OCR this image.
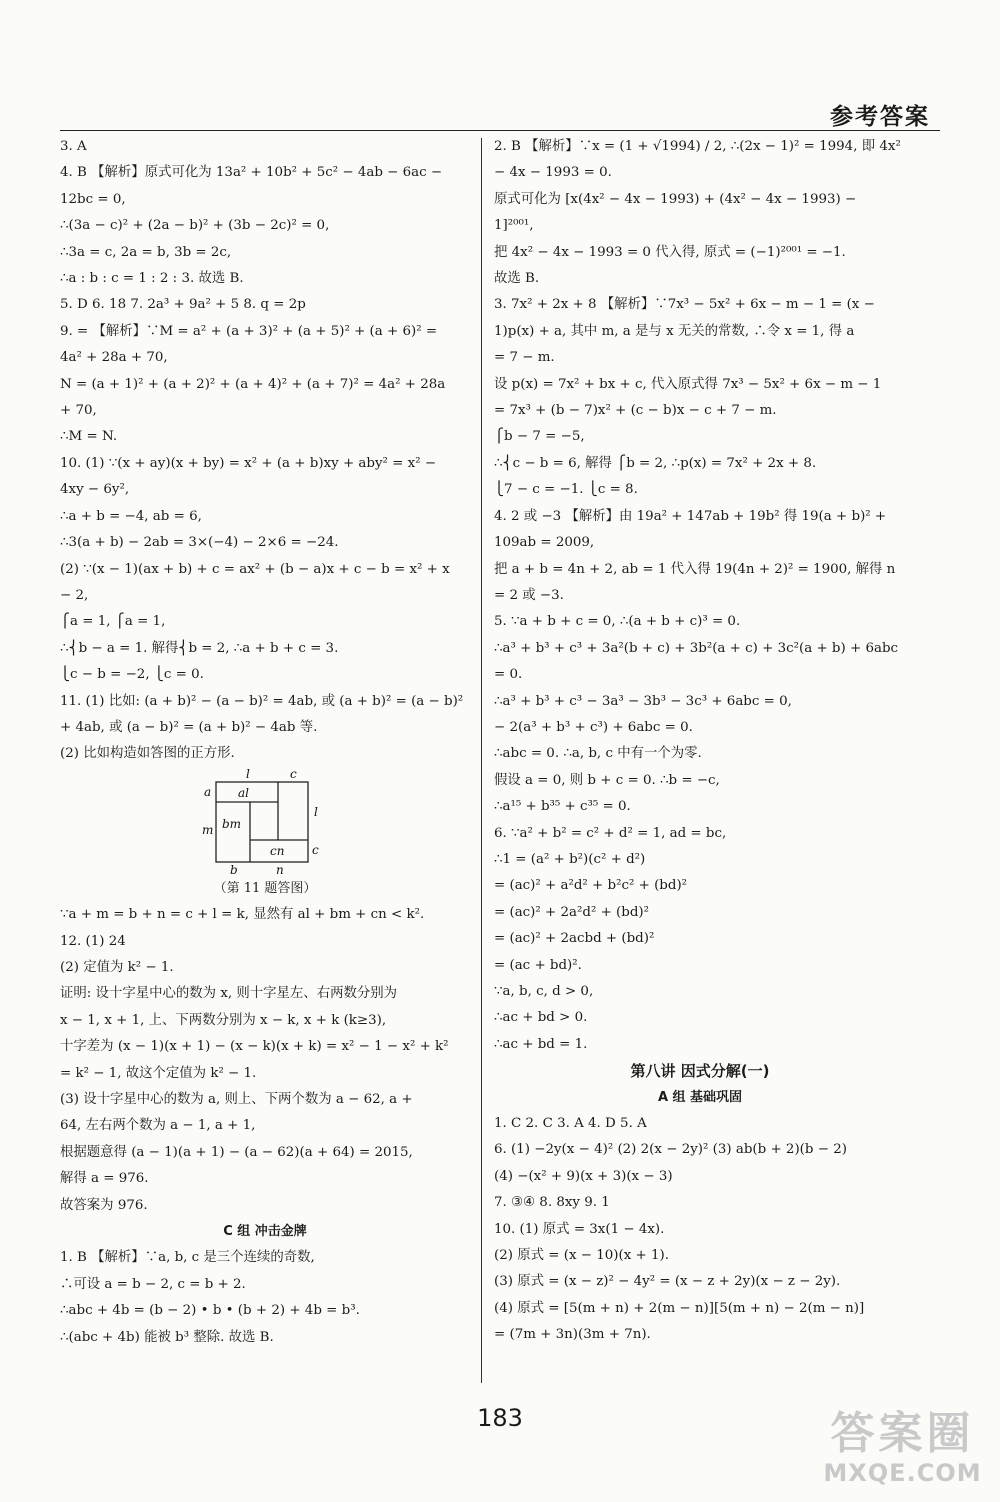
参考答案
3. A
4. B 【解析】原式可化为 13a² + 10b² + 5c² − 4ab − 6ac −
12bc = 0,
∴(3a − c)² + (2a − b)² + (3b − 2c)² = 0,
∴3a = c, 2a = b, 3b = 2c,
∴a : b : c = 1 : 2 : 3. 故选 B.
5. D 6. 18 7. 2a³ + 9a² + 5 8. q = 2p
9. = 【解析】∵M = a² + (a + 3)² + (a + 5)² + (a + 6)² =
4a² + 28a + 70,
N = (a + 1)² + (a + 2)² + (a + 4)² + (a + 7)² = 4a² + 28a
+ 70,
∴M = N.
10. (1) ∵(x + ay)(x + by) = x² + (a + b)xy + aby² = x² −
4xy − 6y²,
∴a + b = −4, ab = 6,
∴3(a + b) − 2ab = 3×(−4) − 2×6 = −24.
(2) ∵(x − 1)(ax + b) + c = ax² + (b − a)x + c − b = x² + x
− 2,
⎧a = 1, ⎧a = 1,
∴⎨b − a = 1. 解得⎨b = 2, ∴a + b + c = 3.
⎩c − b = −2, ⎩c = 0.
11. (1) 比如: (a + b)² − (a − b)² = 4ab, 或 (a + b)² = (a − b)²
+ 4ab, 或 (a − b)² = (a + b)² − 4ab 等.
(2) 比如构造如答图的正方形.
l	c
a
m
l
c
b	n
al
bm
cn
（第 11 题答图）
∵a + m = b + n = c + l = k, 显然有 al + bm + cn < k².
12. (1) 24
(2) 定值为 k² − 1.
证明: 设十字星中心的数为 x, 则十字星左、右两数分别为
x − 1, x + 1, 上、下两数分别为 x − k, x + k (k≥3),
十字差为 (x − 1)(x + 1) − (x − k)(x + k) = x² − 1 − x² + k²
= k² − 1, 故这个定值为 k² − 1.
(3) 设十字星中心的数为 a, 则上、下两个数为 a − 62, a +
64, 左右两个数为 a − 1, a + 1,
根据题意得 (a − 1)(a + 1) − (a − 62)(a + 64) = 2015,
解得 a = 976.
故答案为 976.
C 组 冲击金牌
1. B 【解析】∵a, b, c 是三个连续的奇数,
∴可设 a = b − 2, c = b + 2.
∴abc + 4b = (b − 2) • b • (b + 2) + 4b = b³.
∴(abc + 4b) 能被 b³ 整除. 故选 B.
2. B 【解析】∵x = (1 + √1994) / 2, ∴(2x − 1)² = 1994, 即 4x²
− 4x − 1993 = 0.
原式可化为 [x(4x² − 4x − 1993) + (4x² − 4x − 1993) −
1]²⁰⁰¹,
把 4x² − 4x − 1993 = 0 代入得, 原式 = (−1)²⁰⁰¹ = −1.
故选 B.
3. 7x² + 2x + 8 【解析】∵7x³ − 5x² + 6x − m − 1 = (x −
1)p(x) + a, 其中 m, a 是与 x 无关的常数, ∴令 x = 1, 得 a
= 7 − m.
设 p(x) = 7x² + bx + c, 代入原式得 7x³ − 5x² + 6x − m − 1
= 7x³ + (b − 7)x² + (c − b)x − c + 7 − m.
⎧b − 7 = −5,
∴⎨c − b = 6, 解得 ⎧b = 2, ∴p(x) = 7x² + 2x + 8.
⎩7 − c = −1. ⎩c = 8.
4. 2 或 −3 【解析】由 19a² + 147ab + 19b² 得 19(a + b)² +
109ab = 2009,
把 a + b = 4n + 2, ab = 1 代入得 19(4n + 2)² = 1900, 解得 n
= 2 或 −3.
5. ∵a + b + c = 0, ∴(a + b + c)³ = 0.
∴a³ + b³ + c³ + 3a²(b + c) + 3b²(a + c) + 3c²(a + b) + 6abc
= 0.
∴a³ + b³ + c³ − 3a³ − 3b³ − 3c³ + 6abc = 0,
− 2(a³ + b³ + c³) + 6abc = 0.
∴abc = 0. ∴a, b, c 中有一个为零.
假设 a = 0, 则 b + c = 0. ∴b = −c,
∴a¹⁵ + b³⁵ + c³⁵ = 0.
6. ∵a² + b² = c² + d² = 1, ad = bc,
∴1 = (a² + b²)(c² + d²)
= (ac)² + a²d² + b²c² + (bd)²
= (ac)² + 2a²d² + (bd)²
= (ac)² + 2acbd + (bd)²
= (ac + bd)².
∵a, b, c, d > 0,
∴ac + bd > 0.
∴ac + bd = 1.
第八讲 因式分解(一)
A 组 基础巩固
1. C 2. C 3. A 4. D 5. A
6. (1) −2y(x − 4)² (2) 2(x − 2y)² (3) ab(b + 2)(b − 2)
(4) −(x² + 9)(x + 3)(x − 3)
7. ③④ 8. 8xy 9. 1
10. (1) 原式 = 3x(1 − 4x).
(2) 原式 = (x − 10)(x + 1).
(3) 原式 = (x − z)² − 4y² = (x − z + 2y)(x − z − 2y).
(4) 原式 = [5(m + n) + 2(m − n)][5(m + n) − 2(m − n)]
= (7m + 3n)(3m + 7n).
183	答案圈
MXQE.COM
